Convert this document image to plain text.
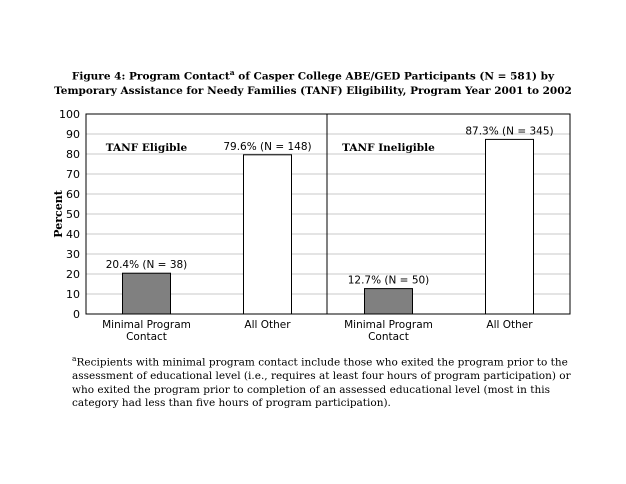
Figure 4: Program Contact$^a$ of Casper College ABE/GED Participants (N = 581) by
Temporary Assistance for Needy Families (TANF) Eligibility, Program Year 2001 to 2002
0
10
20
30
40
50
60
70
80
90
100
20.4% (N = 38)
79.6% (N = 148)
12.7% (N = 50)
87.3% (N = 345)
Minimal Program
Contact
All Other	Minimal Program
Contact
All Other
TANF Eligible	TANF Ineligible
Percent
$^a$Recipients with minimal program contact include those who exited the program prior to the assessment of educational level (i.e., requires at least four hours of program participation) or who exited the program prior to completion of an assessed educational level (most in this category had less than five hours of program participation).
